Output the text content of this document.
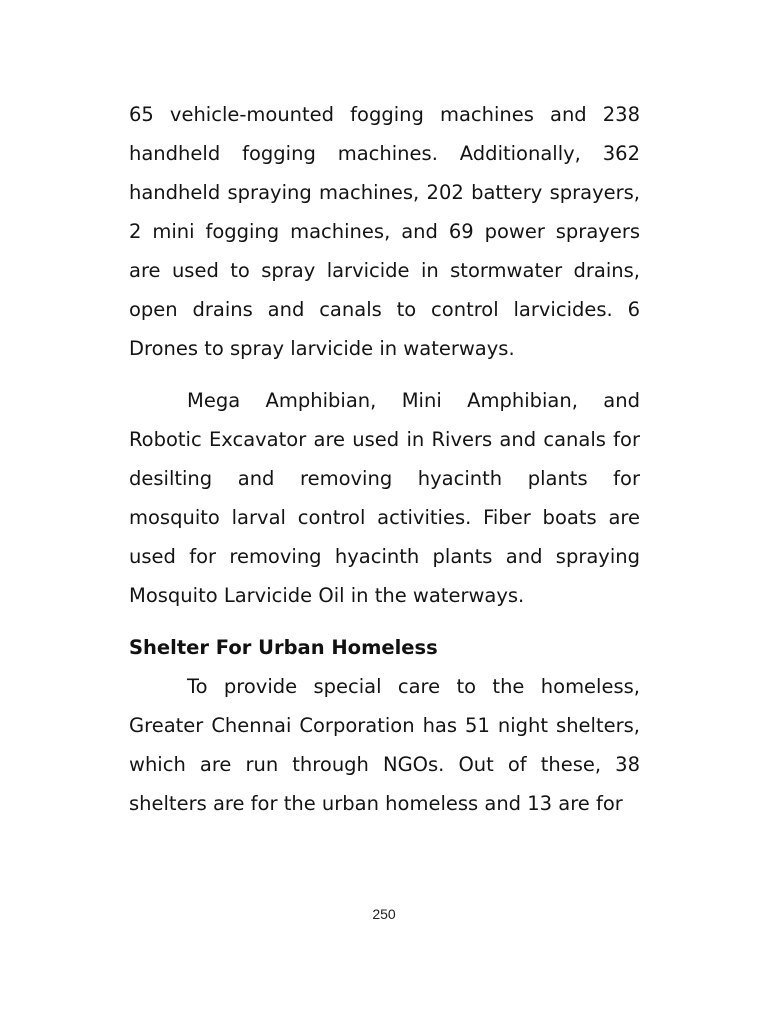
65 vehicle-mounted fogging machines and 238 handheld fogging machines. Additionally, 362 handheld spraying machines, 202 battery sprayers, 2 mini fogging machines, and 69 power sprayers are used to spray larvicide in stormwater drains, open drains and canals to control larvicides. 6 Drones to spray larvicide in waterways.

Mega Amphibian, Mini Amphibian, and Robotic Excavator are used in Rivers and canals for desilting and removing hyacinth plants for mosquito larval control activities. Fiber boats are used for removing hyacinth plants and spraying Mosquito Larvicide Oil in the waterways.

Shelter For Urban Homeless

To provide special care to the homeless, Greater Chennai Corporation has 51 night shelters, which are run through NGOs. Out of these, 38 shelters are for the urban homeless and 13 are for

250
